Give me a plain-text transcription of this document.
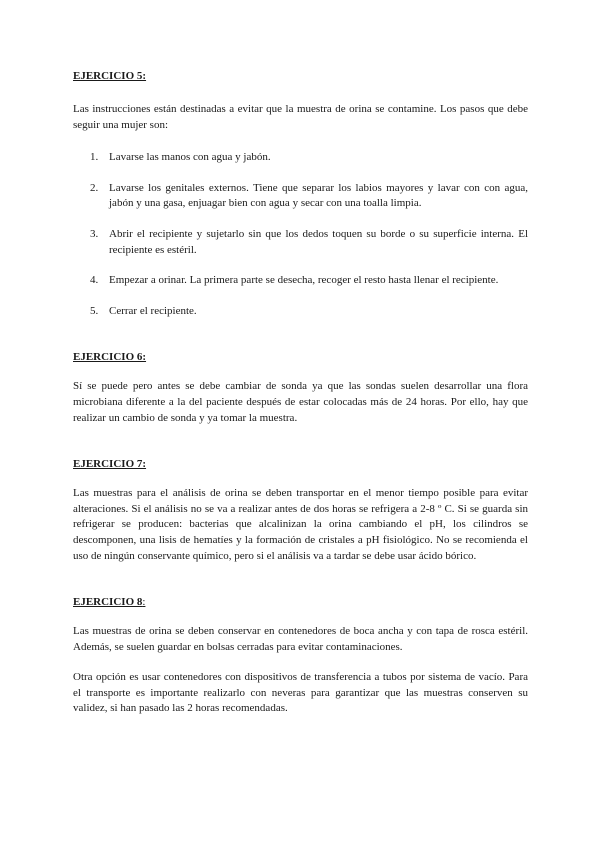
EJERCICIO 5:

Las instrucciones están destinadas a evitar que la muestra de orina se contamine. Los pasos que debe seguir una mujer son:

1. Lavarse las manos con agua y jabón.
2. Lavarse los genitales externos. Tiene que separar los labios mayores y lavar con con agua, jabón y una gasa, enjuagar bien con agua y secar con una toalla limpia.
3. Abrir el recipiente y sujetarlo sin que los dedos toquen su borde o su superficie interna. El recipiente es estéril.
4. Empezar a orinar. La primera parte se desecha, recoger el resto hasta llenar el recipiente.
5. Cerrar el recipiente.
EJERCICIO 6:

Sí se puede pero antes se debe cambiar de sonda ya que las sondas suelen desarrollar una flora microbiana diferente a la del paciente después de estar colocadas más de 24 horas. Por ello, hay que realizar un cambio de sonda y ya tomar la muestra.

EJERCICIO 7:

Las muestras para el análisis de orina se deben transportar en el menor tiempo posible para evitar alteraciones. Si el análisis no se va a realizar antes de dos horas se refrigera a 2-8 º C. Si se guarda sin refrigerar se producen: bacterias que alcalinizan la orina cambiando el pH, los cilindros se descomponen, una lisis de hematíes y la formación de cristales a pH fisiológico. No se recomienda el uso de ningún conservante químico, pero si el análisis va a tardar se debe usar ácido bórico.

EJERCICIO 8:

Las muestras de orina se deben conservar en contenedores de boca ancha y con tapa de rosca estéril. Además, se suelen guardar en bolsas cerradas para evitar contaminaciones.

Otra opción es usar contenedores con dispositivos de transferencia a tubos por sistema de vacío. Para el transporte es importante realizarlo con neveras para garantizar que las muestras conserven su validez, si han pasado las 2 horas recomendadas.
